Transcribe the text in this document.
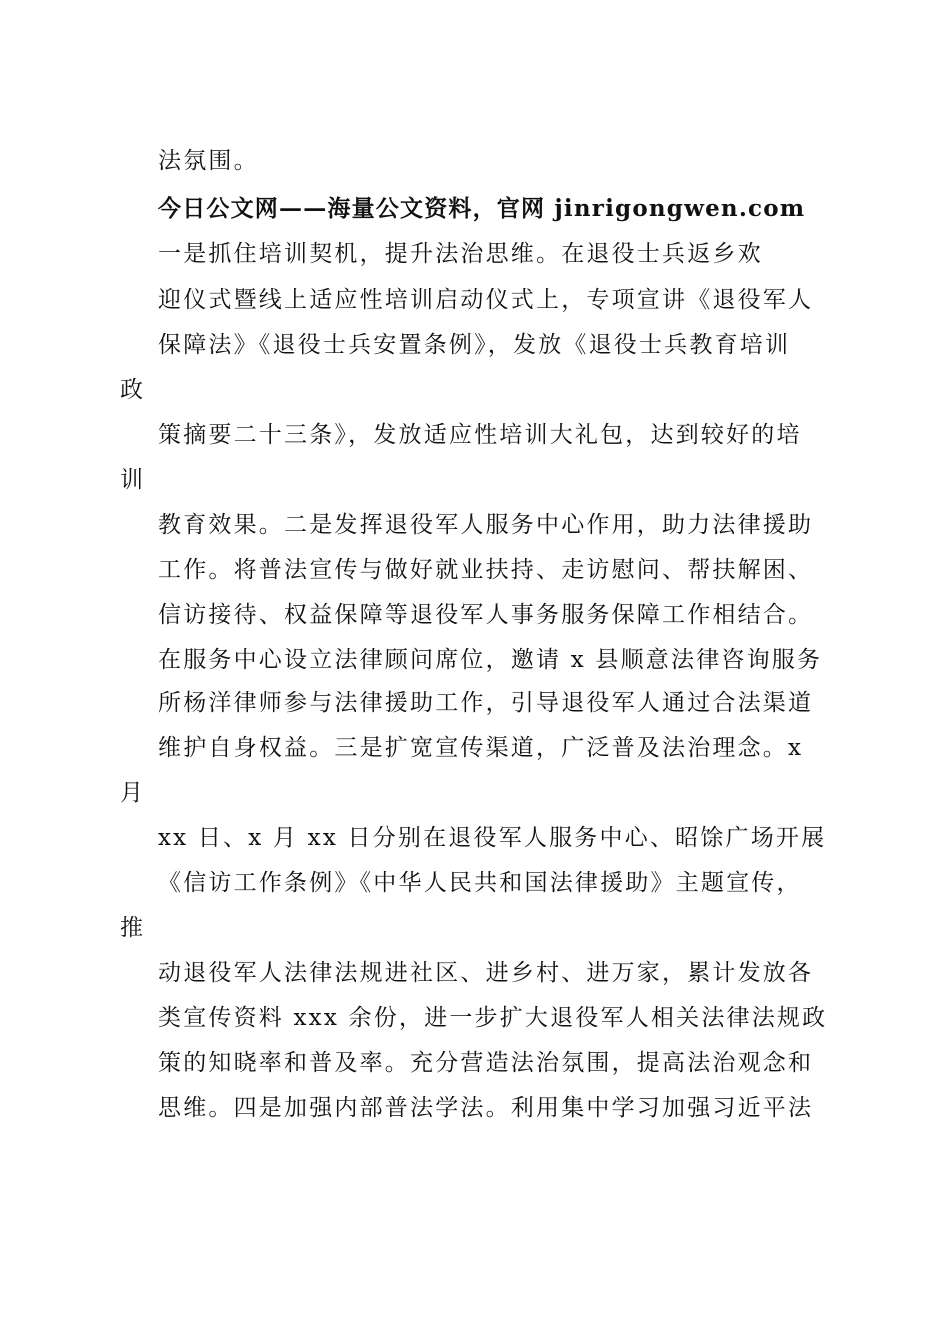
法氛围。
今日公文网——海量公文资料，官网 jinrigongwen.com
一是抓住培训契机，提升法治思维。在退役士兵返乡欢
迎仪式暨线上适应性培训启动仪式上，专项宣讲《退役军人
保障法》《退役士兵安置条例》，发放《退役士兵教育培训
政
策摘要二十三条》，发放适应性培训大礼包，达到较好的培
训
教育效果。二是发挥退役军人服务中心作用，助力法律援助
工作。将普法宣传与做好就业扶持、走访慰问、帮扶解困、
信访接待、权益保障等退役军人事务服务保障工作相结合。
在服务中心设立法律顾问席位，邀请 x 县顺意法律咨询服务
所杨洋律师参与法律援助工作，引导退役军人通过合法渠道
维护自身权益。三是扩宽宣传渠道，广泛普及法治理念。x
月
xx 日、x 月 xx 日分别在退役军人服务中心、昭馀广场开展
《信访工作条例》《中华人民共和国法律援助》主题宣传，
推
动退役军人法律法规进社区、进乡村、进万家，累计发放各
类宣传资料 xxx 余份，进一步扩大退役军人相关法律法规政
策的知晓率和普及率。充分营造法治氛围，提高法治观念和
思维。四是加强内部普法学法。利用集中学习加强习近平法
